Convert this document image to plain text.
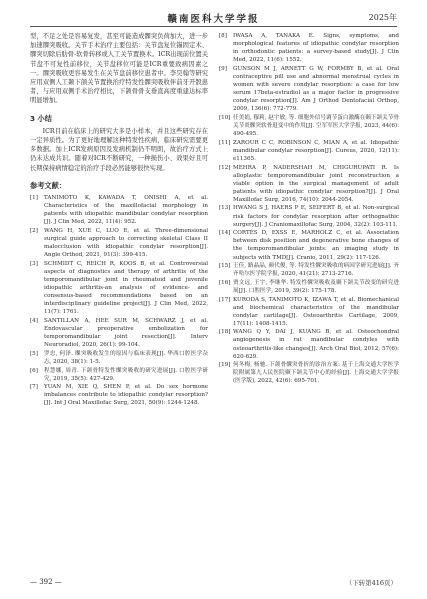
赣南医科大学学报	2025年

型，不足之处是容易复发，甚至可能造成髁突负荷加大，进一步加速髁突吸收。关节手术治疗主要包括：关节盘复位锚固定术、髁突切除后肋骨-软骨转移或人工关节置换术。ICR出现前位置关节盘不可复性前移位，关节盘移位可能是ICR重要致病因素之一。髁突吸收更容易发生在关节盘前移位患者中。李昊翰等研究应用双侧人工颞下颌关节置换治疗特发性髁突吸收伴前牙开骰患者，与应用双侧手术治疗相比，下颌骨骨支垂直高度重建达标率明显增加。

3 小结

ICR目前在临床上的研究大多是小样本，并且这些研究存在一定异质性。为了更好地理解这种特发性疾病，临床研究需要更多数据。加上ICR发病原因及发病机制仍不明朗，故治疗方式上仍未达成共识。随着对ICR不断研究，一种损伤小、效果好且可长期保持病情稳定的治疗手段必然能够很快实现。

参考文献：
[1]	TANIMOTO K, KAWADA T, ONISHI A, et al. Characteristics of the maxillofacial morphology in patients with idiopathic mandibular condylar resorption [J]. J Clin Med, 2022, 11(4): 952.
[2]	WANG H, XUE C, LUO E, et al. Three-dimensional surgical guide approach to correcting skeletal Class II malocclusion with idiopathic condylar resorption[J]. Angle Orthod, 2021, 91(3): 399-415.
[3]	SCHMIDT C, REICH R, KOOS B, et al. Controversial aspects of diagnostics and therapy of arthritis of the temporomandibular joint in rheumatoid and juvenile idiopathic arthritis-an analysis of evidence- and consensus-based recommendations based on an interdisciplinary guideline project[J]. J Clin Med, 2022, 11(7): 1761.
[4]	SANTILLAN A, HEE SUR M, SCHWARZ J, et al. Endovascular preoperative embolization for temporomandibular joint resection[J]. Interv Neuroradiol, 2020, 26(1): 99-104.
[5]	罗忠, 何泽. 髁突吸收发生的原因与临床表现[J]. 华西口腔医学杂志, 2020, 38(1): 1-5.
[6]	程慧娜, 周青. 下颌骨特发性髁突吸收的研究进展[J]. 口腔医学研究, 2019, 35(5): 427-429.
[7]	YUAN M, XIE Q, SHEN P, et al. Do sex hormone imbalances contribute to idiopathic condylar resorption?[J]. Int J Oral Maxillofac Surg, 2021, 50(9): 1244-1248.
[8]	IWASA A, TANAKA E. Signs, symptoms, and morphological features of idiopathic condylar resorption in orthodontic patients: a survey-based study[J]. J Clin Med, 2022, 11(6): 1552.
[9]	GUNSON M J, ARNETT G W, FORMBY B, et al. Oral contraceptive pill use and abnormal menstrual cycles in women with severe condylar resorption: a case for low serum 17beta-estradiol as a major factor in progressive condylar resorption[J]. Am J Orthod Dentofacial Orthop, 2009, 136(6): 772-779.
[10] 任美娟, 穆莉, 赵宇敏, 等. 细胞外信号调节蛋白激酶在颞下颌关节骨关节炎髁突软骨退变中的作用[J]. 空军军医大学学报, 2023, 44(6): 490-495.
[11] ZAROUR C C, ROBINSON C, MIAN A, et al. Idiopathic mandibular condylar resorption[J]. Cureus, 2020, 12(11): e11365.
[12] MEHRA P, NADERSHAH M, CHIGURUPATI R. Is alloplastic temporomandibular joint reconstruction a viable option in the surgical management of adult patients with idiopathic condylar resorption?[J]. J Oral Maxillofac Surg, 2016, 74(10): 2044-2054.
[13] HWANG S J, HAERS P E, SEIFERT B, et al. Non-surgical risk factors for condylar resorption after orthognathic surgery[J]. J Craniomaxillofac Surg, 2004, 32(2): 103-111.
[14] CORTÉS D, EXSS E, MARHOLZ C, et al. Association between disk position and degenerative bone changes of the temporomandibular joints: an imaging study in subjects with TMD[J]. Cranio, 2011, 29(2): 117-126.
[15] 王佳, 路晶晶, 颜代俊, 等. 特发性髁突吸收的病因学研究进展[J]. 齐齐哈尔医学院学报, 2020, 41(21): 2713-2716.
[16] 贾文远, 王宇, 李继华. 特发性髁突吸收及颞下颌关节改变的研究进展[J]. 口腔医学, 2019, 39(2): 175-178.
[17] KURODA S, TANIMOTO K, IZAWA T, et al. Biomechanical and biochemical characteristics of the mandibular condylar cartilage[J]. Osteoarthritis Cartilage, 2009, 17(11): 1408-1415.
[18] WANG Q Y, DAI J, KUANG B, et al. Osteochondral angiogenesis in rat mandibular condyles with osteoarthritis-like changes[J]. Arch Oral Biol, 2012, 57(6): 620-629.
[19] 何冬梅, 杨驰. 下颌骨髁突骨折的诊治方案: 基于上海交通大学医学院附属第九人民医院颞下颌关节中心的经验[J]. 上海交通大学学报(医学版), 2022, 42(6): 695-701.
— 392 —	（下转第416页）
